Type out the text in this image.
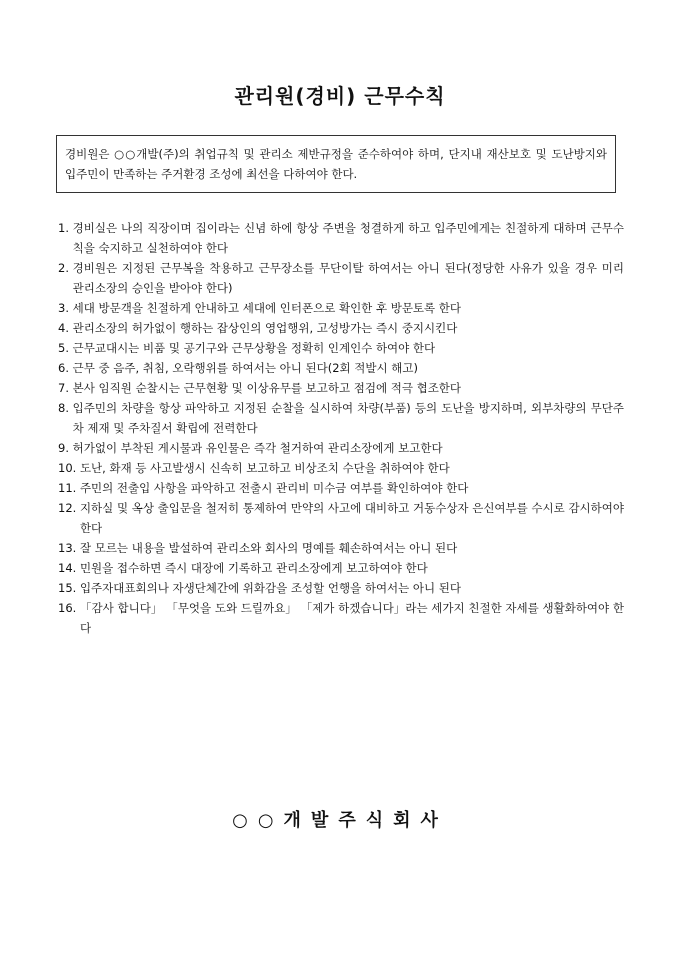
관리원(경비) 근무수칙
경비원은 ○○개발(주)의 취업규칙 및 관리소 제반규정을 준수하여야 하며, 단지내 재산보호 및 도난방지와 입주민이 만족하는 주거환경 조성에 최선을 다하여야 한다.
1.
경비실은 나의 직장이며 집이라는 신념 하에 항상 주변을 청결하게 하고 입주민에게는 친절하게 대하며 근무수칙을 숙지하고 실천하여야 한다
2.
경비원은 지정된 근무복을 착용하고 근무장소를 무단이탈 하여서는 아니 된다(정당한 사유가 있을 경우 미리 관리소장의 승인을 받아야 한다)
3.
세대 방문객을 친절하게 안내하고 세대에 인터폰으로 확인한 후 방문토록 한다
4.
관리소장의 허가없이 행하는 잡상인의 영업행위, 고성방가는 즉시 중지시킨다
5.
근무교대시는 비품 및 공기구와 근무상황을 정확히 인계인수 하여야 한다
6.
근무 중 음주, 취침, 오락행위를 하여서는 아니 된다(2회 적발시 해고)
7.
본사 임직원 순찰시는 근무현황 및 이상유무를 보고하고 점검에 적극 협조한다
8.
입주민의 차량을 항상 파악하고 지정된 순찰을 실시하여 차량(부품) 등의 도난을 방지하며, 외부차량의 무단주차 제재 및 주차질서 확립에 전력한다
9.
허가없이 부착된 게시물과 유인물은 즉각 철거하여 관리소장에게 보고한다
10.
도난, 화재 등 사고발생시 신속히 보고하고 비상조치 수단을 취하여야 한다
11.
주민의 전출입 사항을 파악하고 전출시 관리비 미수금 여부를 확인하여야 한다
12.
지하실 및 옥상 출입문을 철저히 통제하여 만약의 사고에 대비하고 거동수상자 은신여부를 수시로 감시하여야 한다
13.
잘 모르는 내용을 발설하여 관리소와 회사의 명예를 훼손하여서는 아니 된다
14.
민원을 접수하면 즉시 대장에 기록하고 관리소장에게 보고하여야 한다
15.
입주자대표회의나 자생단체간에 위화감을 조성할 언행을 하여서는 아니 된다
16.
「감사 합니다」 「무엇을 도와 드릴까요」 「제가 하겠습니다」라는 세가지 친절한 자세를 생활화하여야 한다
○○개발주식회사
